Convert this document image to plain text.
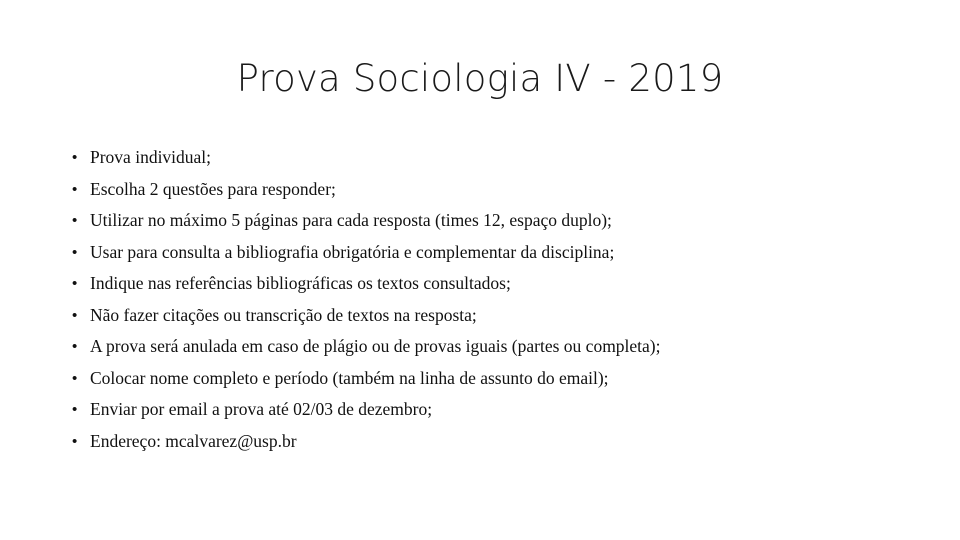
Prova Sociologia IV - 2019
• Prova individual;
• Escolha 2 questões para responder;
• Utilizar no máximo 5 páginas para cada resposta (times 12, espaço duplo);
• Usar para consulta a bibliografia obrigatória e complementar da disciplina;
• Indique nas referências bibliográficas os textos consultados;
• Não fazer citações ou transcrição de textos na resposta;
• A prova será anulada em caso de plágio ou de provas iguais (partes ou completa);
• Colocar nome completo e período (também na linha de assunto do email);
• Enviar por email a prova até 02/03 de dezembro;
• Endereço: mcalvarez@usp.br
